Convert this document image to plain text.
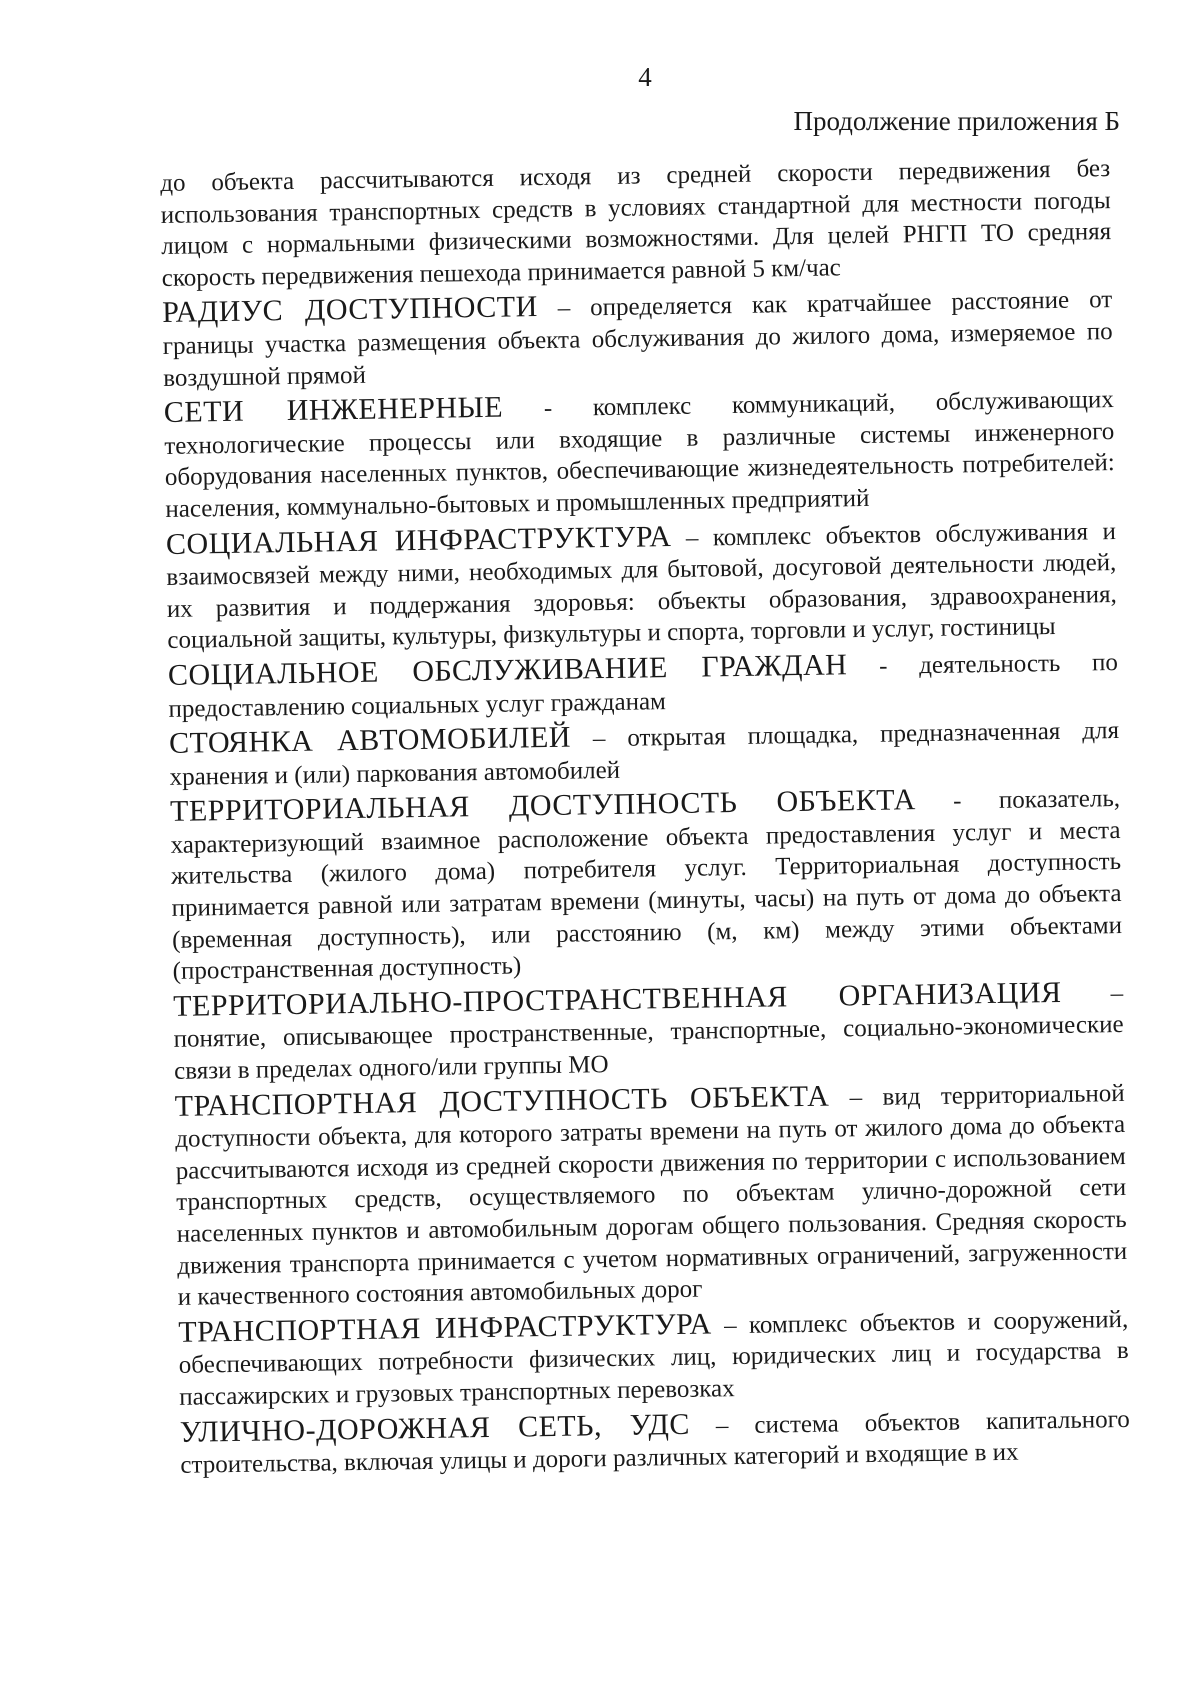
4
Продолжение приложения Б

до объекта рассчитываются исходя из средней скорости передвижения без использования транспортных средств в условиях стандартной для местности погоды лицом с нормальными физическими возможностями. Для целей РНГП ТО средняя скорость передвижения пешехода принимается равной 5 км/час

РАДИУС ДОСТУПНОСТИ – определяется как кратчайшее расстояние от границы участка размещения объекта обслуживания до жилого дома, измеряемое по воздушной прямой

СЕТИ ИНЖЕНЕРНЫЕ - комплекс коммуникаций, обслуживающих технологические процессы или входящие в различные системы инженерного оборудования населенных пунктов, обеспечивающие жизнедеятельность потребителей: населения, коммунально-бытовых и промышленных предприятий

СОЦИАЛЬНАЯ ИНФРАСТРУКТУРА – комплекс объектов обслуживания и взаимосвязей между ними, необходимых для бытовой, досуговой деятельности людей, их развития и поддержания здоровья: объекты образования, здравоохранения, социальной защиты, культуры, физкультуры и спорта, торговли и услуг, гостиницы

СОЦИАЛЬНОЕ ОБСЛУЖИВАНИЕ ГРАЖДАН - деятельность по предоставлению социальных услуг гражданам

СТОЯНКА АВТОМОБИЛЕЙ – открытая площадка, предназначенная для хранения и (или) паркования автомобилей

ТЕРРИТОРИАЛЬНАЯ ДОСТУПНОСТЬ ОБЪЕКТА - показатель, характеризующий взаимное расположение объекта предоставления услуг и места жительства (жилого дома) потребителя услуг. Территориальная доступность принимается равной или затратам времени (минуты, часы) на путь от дома до объекта (временная доступность), или расстоянию (м, км) между этими объектами (пространственная доступность)

ТЕРРИТОРИАЛЬНО-ПРОСТРАНСТВЕННАЯ ОРГАНИЗАЦИЯ – понятие, описывающее пространственные, транспортные, социально-экономические связи в пределах одного/или группы МО

ТРАНСПОРТНАЯ ДОСТУПНОСТЬ ОБЪЕКТА – вид территориальной доступности объекта, для которого затраты времени на путь от жилого дома до объекта рассчитываются исходя из средней скорости движения по территории с использованием транспортных средств, осуществляемого по объектам улично-дорожной сети населенных пунктов и автомобильным дорогам общего пользования. Средняя скорость движения транспорта принимается с учетом нормативных ограничений, загруженности и качественного состояния автомобильных дорог

ТРАНСПОРТНАЯ ИНФРАСТРУКТУРА – комплекс объектов и сооружений, обеспечивающих потребности физических лиц, юридических лиц и государства в пассажирских и грузовых транспортных перевозках

УЛИЧНО-ДОРОЖНАЯ СЕТЬ, УДС – система объектов капитального строительства, включая улицы и дороги различных категорий и входящие в их
